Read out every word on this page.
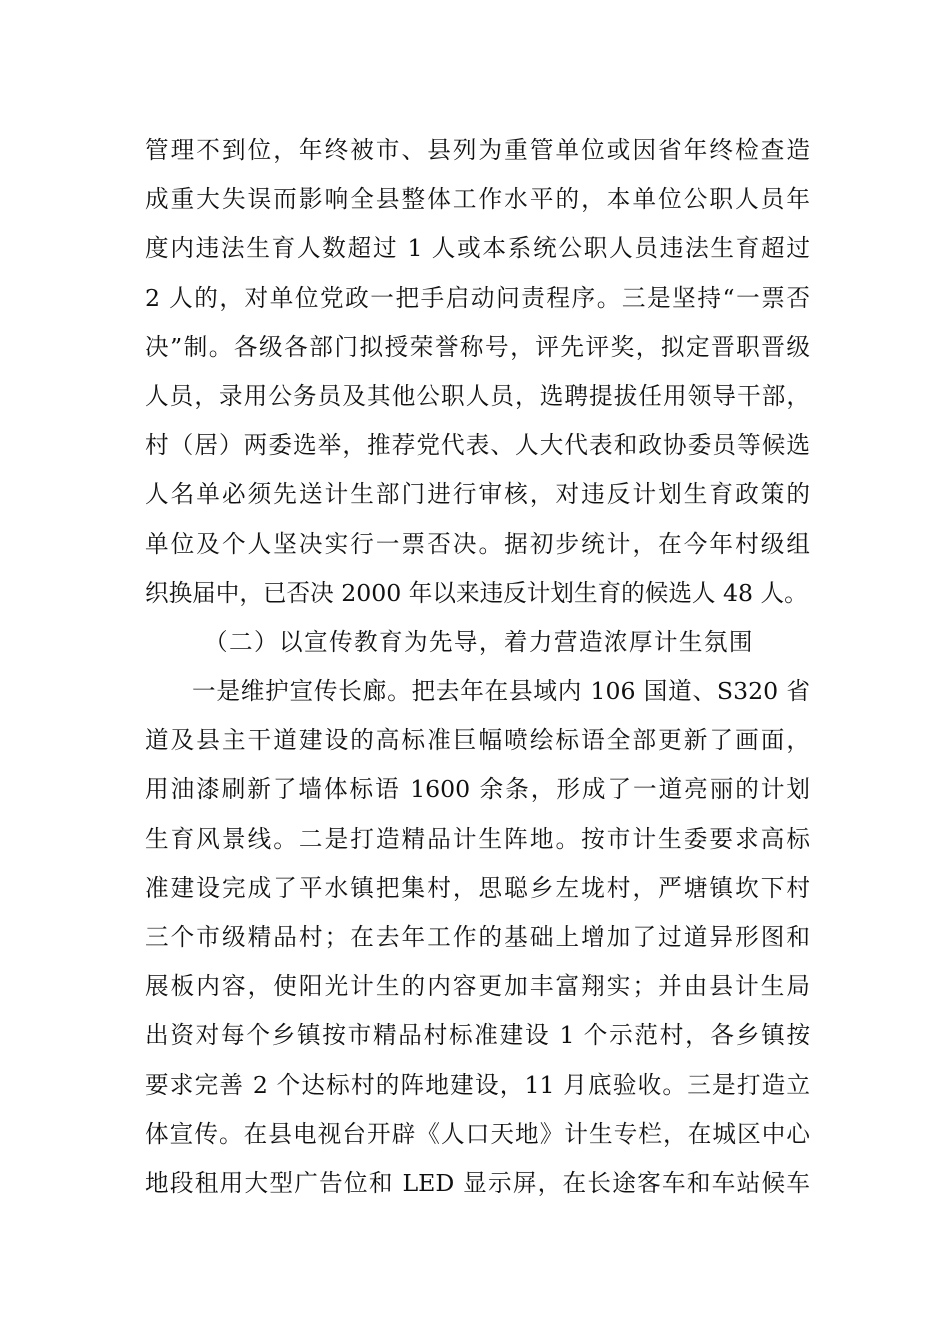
管理不到位，年终被市、县列为重管单位或因省年终检查造
成重大失误而影响全县整体工作水平的，本单位公职人员年
度内违法生育人数超过 1 人或本系统公职人员违法生育超过
2 人的，对单位党政一把手启动问责程序。三是坚持“一票否
决”制。各级各部门拟授荣誉称号，评先评奖，拟定晋职晋级
人员，录用公务员及其他公职人员，选聘提拔任用领导干部，
村（居）两委选举，推荐党代表、人大代表和政协委员等候选
人名单必须先送计生部门进行审核，对违反计划生育政策的
单位及个人坚决实行一票否决。据初步统计，在今年村级组
织换届中，已否决 2000 年以来违反计划生育的候选人 48 人。
（二）以宣传教育为先导，着力营造浓厚计生氛围
一是维护宣传长廊。把去年在县域内 106 国道、S320 省
道及县主干道建设的高标准巨幅喷绘标语全部更新了画面，
用油漆刷新了墙体标语 1600 余条，形成了一道亮丽的计划
生育风景线。二是打造精品计生阵地。按市计生委要求高标
准建设完成了平水镇把集村，思聪乡左垅村，严塘镇坎下村
三个市级精品村；在去年工作的基础上增加了过道异形图和
展板内容，使阳光计生的内容更加丰富翔实；并由县计生局
出资对每个乡镇按市精品村标准建设 1 个示范村，各乡镇按
要求完善 2 个达标村的阵地建设，11 月底验收。三是打造立
体宣传。在县电视台开辟《人口天地》计生专栏，在城区中心
地段租用大型广告位和 LED 显示屏，在长途客车和车站候车
